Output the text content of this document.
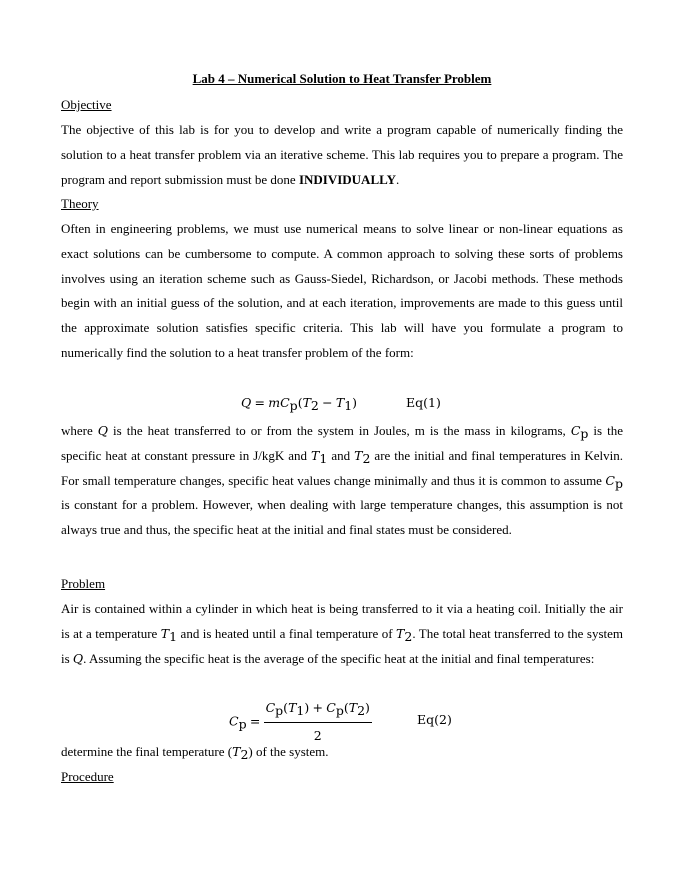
Lab 4 – Numerical Solution to Heat Transfer Problem
Objective
The objective of this lab is for you to develop and write a program capable of numerically finding the solution to a heat transfer problem via an iterative scheme. This lab requires you to prepare a program. The program and report submission must be done INDIVIDUALLY.
Theory
Often in engineering problems, we must use numerical means to solve linear or non-linear equations as exact solutions can be cumbersome to compute. A common approach to solving these sorts of problems involves using an iteration scheme such as Gauss-Siedel, Richardson, or Jacobi methods. These methods begin with an initial guess of the solution, and at each iteration, improvements are made to this guess until the approximate solution satisfies specific criteria. This lab will have you formulate a program to numerically find the solution to a heat transfer problem of the form:
$Q = mC_p(T_2 - T_1)$	Eq(1)
where Q is the heat transferred to or from the system in Joules, m is the mass in kilograms, $C_p$ is the specific heat at constant pressure in J/kgK and $T_1$ and $T_2$ are the initial and final temperatures in Kelvin. For small temperature changes, specific heat values change minimally and thus it is common to assume $C_p$ is constant for a problem. However, when dealing with large temperature changes, this assumption is not always true and thus, the specific heat at the initial and final states must be considered.
Problem
Air is contained within a cylinder in which heat is being transferred to it via a heating coil. Initially the air is at a temperature $T_1$ and is heated until a final temperature of $T_2$. The total heat transferred to the system is Q. Assuming the specific heat is the average of the specific heat at the initial and final temperatures:
$C_p = \frac{C_p(T_1) + C_p(T_2)}{2}$	Eq(2)
determine the final temperature $(T_2)$ of the system.
Procedure
